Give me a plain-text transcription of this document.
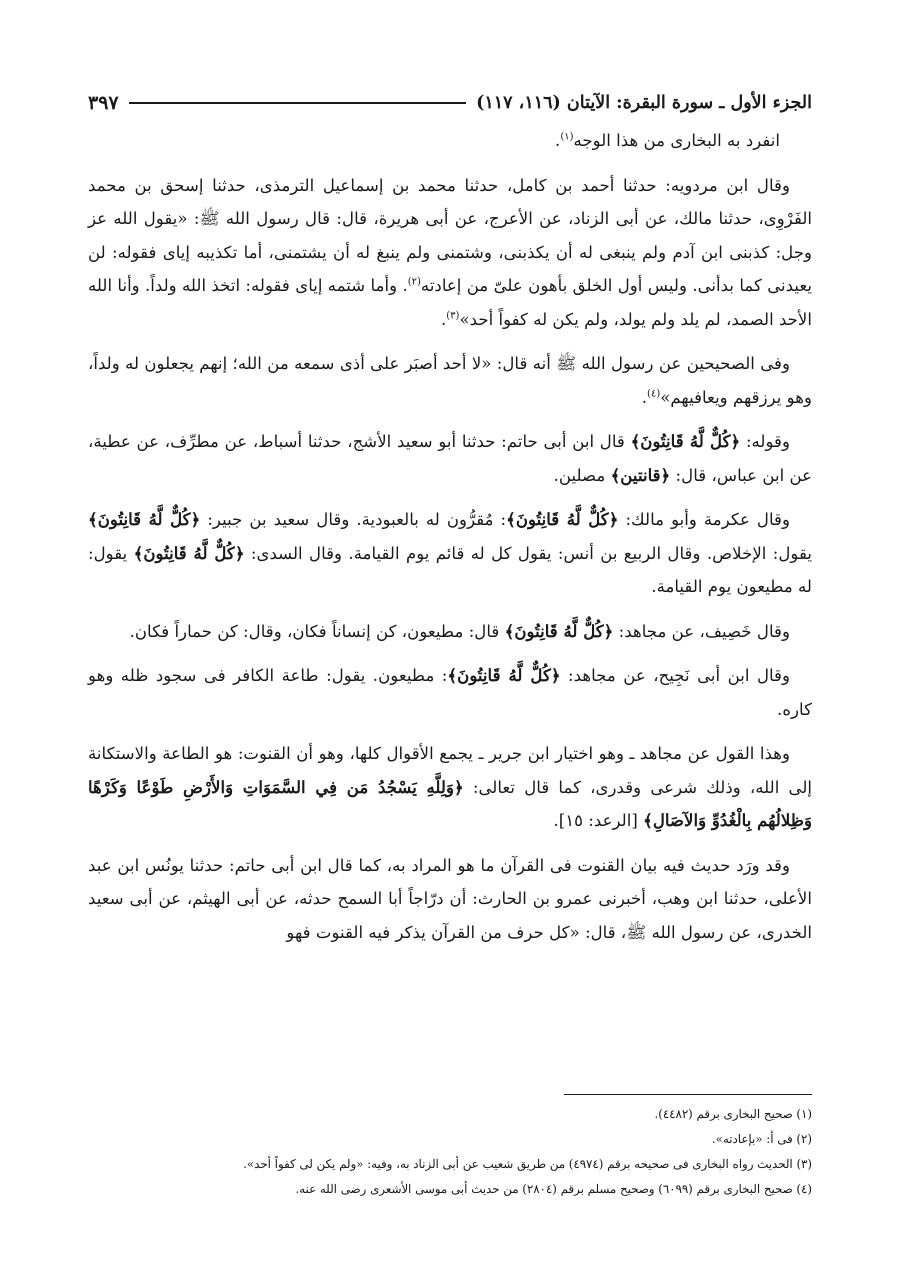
الجزء الأول ـ سورة البقرة: الآيتان (١١٦، ١١٧)
٣٩٧

انفرد به البخارى من هذا الوجه$^{(١)}$.

وقال ابن مردويه: حدثنا أحمد بن كامل، حدثنا محمد بن إسماعيل الترمذى، حدثنا إسحق بن محمد الفَرْوِى، حدثنا مالك، عن أبى الزناد، عن الأعرج، عن أبى هريرة، قال: قال رسول الله ﷺ: «يقول الله عز وجل: كذبنى ابن آدم ولم ينبغى له أن يكذبنى، وشتمنى ولم ينبغ له أن يشتمنى، أما تكذيبه إياى فقوله: لن يعيدنى كما بدأنى. وليس أول الخلق بأهون علىّ من إعادته$^{(٢)}$. وأما شتمه إياى فقوله: اتخذ الله ولداً. وأنا الله الأحد الصمد، لم يلد ولم يولد، ولم يكن له كفواً أحد»$^{(٣)}$.

وفى الصحيحين عن رسول الله ﷺ أنه قال: «لا أحد أصبَر على أذى سمعه من الله؛ إنهم يجعلون له ولداً، وهو يرزقهم ويعافيهم»$^{(٤)}$.

وقوله: ﴿كُلٌّ لَّهُ قَانِتُونَ﴾ قال ابن أبى حاتم: حدثنا أبو سعيد الأشج، حدثنا أسباط، عن مطرِّف، عن عطية، عن ابن عباس، قال: ﴿قانتين﴾ مصلين.

وقال عكرمة وأبو مالك: ﴿كُلٌّ لَّهُ قَانِتُونَ﴾: مُقرُّون له بالعبودية. وقال سعيد بن جبير: ﴿كُلٌّ لَّهُ قَانِتُونَ﴾ يقول: الإخلاص. وقال الربيع بن أنس: يقول كل له قائم يوم القيامة. وقال السدى: ﴿كُلٌّ لَّهُ قَانِتُونَ﴾ يقول: له مطيعون يوم القيامة.

وقال خَصِيف، عن مجاهد: ﴿كُلٌّ لَّهُ قَانِتُونَ﴾ قال: مطيعون، كن إنساناً فكان، وقال: كن حماراً فكان.

وقال ابن أبى نَجِيح، عن مجاهد: ﴿كُلٌّ لَّهُ قَانِتُونَ﴾: مطيعون. يقول: طاعة الكافر فى سجود ظله وهو كاره.

وهذا القول عن مجاهد ـ وهو اختيار ابن جرير ـ يجمع الأقوال كلها، وهو أن القنوت: هو الطاعة والاستكانة إلى الله، وذلك شرعى وقدرى، كما قال تعالى: ﴿وَلِلَّهِ يَسْجُدُ مَن فِي السَّمَوَاتِ وَالأَرْضِ طَوْعًا وَكَرْهًا وَظِلالُهُم بِالْغُدُوِّ وَالآصَالِ﴾ [الرعد: ١٥].

وقد ورَد حديث فيه بيان القنوت فى القرآن ما هو المراد به، كما قال ابن أبى حاتم: حدثنا يونُس ابن عبد الأعلى، حدثنا ابن وهب، أخبرنى عمرو بن الحارث: أن درّاجاً أبا السمح حدثه، عن أبى الهيثم، عن أبى سعيد الخدرى، عن رسول الله ﷺ، قال: «كل حرف من القرآن يذكر فيه القنوت فهو

(١) صحيح البخارى برقم (٤٤٨٢).
(٢) فى أ: «بإعادته».
(٣) الحديث رواه البخارى فى صحيحه برقم (٤٩٧٤) من طريق شعيب عن أبى الزناد به، وفيه: «ولم يكن لى كفواً أحد».
(٤) صحيح البخارى برقم (٦٠٩٩) وصحيح مسلم برقم (٢٨٠٤) من حديث أبى موسى الأشعرى رضى الله عنه.
